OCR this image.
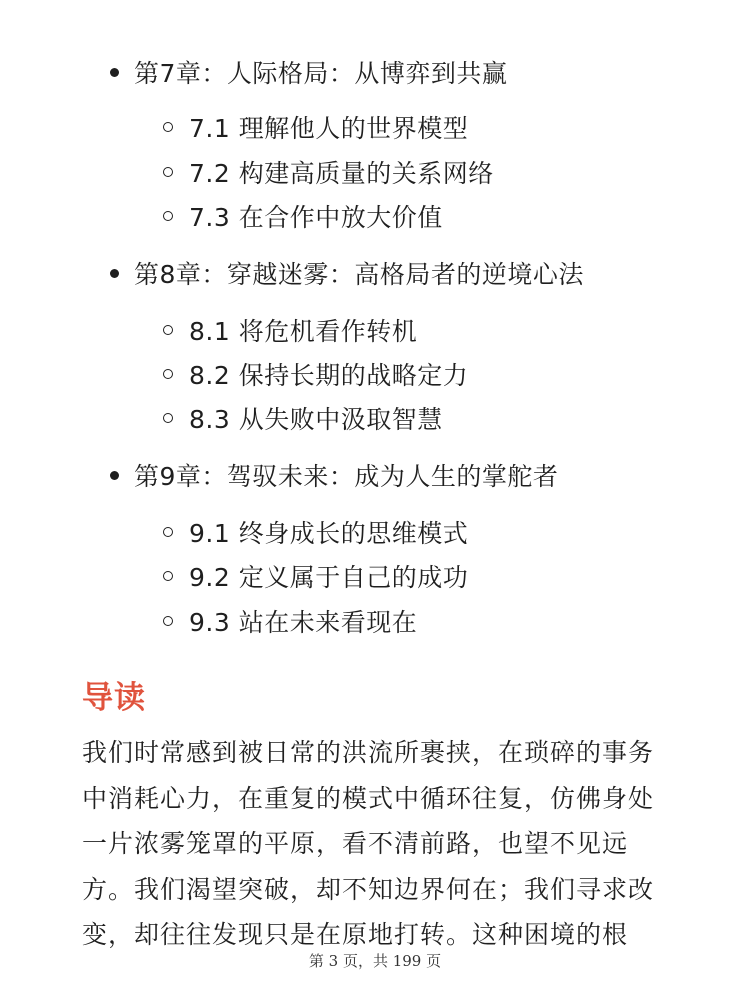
第7章：人际格局：从博弈到共赢
7.1 理解他人的世界模型
7.2 构建高质量的关系网络
7.3 在合作中放大价值
第8章：穿越迷雾：高格局者的逆境心法
8.1 将危机看作转机
8.2 保持长期的战略定力
8.3 从失败中汲取智慧
第9章：驾驭未来：成为人生的掌舵者
9.1 终身成长的思维模式
9.2 定义属于自己的成功
9.3 站在未来看现在
导读
我们时常感到被日常的洪流所裹挟，在琐碎的事务
中消耗心力，在重复的模式中循环往复，仿佛身处
一片浓雾笼罩的平原，看不清前路，也望不见远
方。我们渴望突破，却不知边界何在；我们寻求改
变，却往往发现只是在原地打转。这种困境的根
第 3 页，共 199 页
